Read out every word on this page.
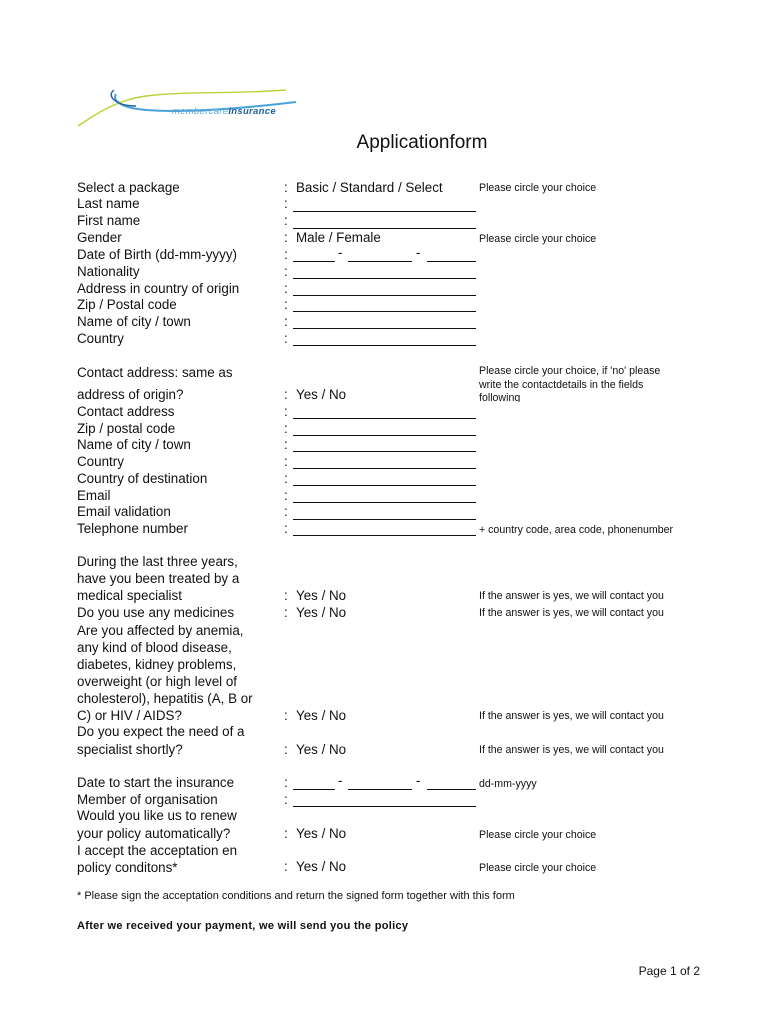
membercareInsurance
Applicationform
Select a package	: Basic / Standard / Select	Please circle your choice
Last name	:
First name	:
Gender	: Male / Female	Please circle your choice
Date of Birth (dd-mm-yyyy)	:	-	-
Nationality	:
Address in country of origin	:
Zip / Postal code	:
Name of city / town	:
Country	:
Contact address: same as	Please circle your choice, if 'no' please
write the contactdetails in the fields
following
address of origin?	: Yes / No
Contact address	:
Zip / postal code	:
Name of city / town	:
Country	:
Country of destination	:
Email	:
Email validation	:
Telephone number	:	+ country code, area code, phonenumber
During the last three years,
have you been treated by a
medical specialist	: Yes / No	If the answer is yes, we will contact you
Do you use any medicines	: Yes / No	If the answer is yes, we will contact you
Are you affected by anemia,
any kind of blood disease,
diabetes, kidney problems,
overweight (or high level of
cholesterol), hepatitis (A, B or
C) or HIV / AIDS?	: Yes / No	If the answer is yes, we will contact you
Do you expect the need of a
specialist shortly?	: Yes / No	If the answer is yes, we will contact you
Date to start the insurance	:	-	-	dd-mm-yyyy
Member of organisation	:
Would you like us to renew
your policy automatically?	: Yes / No	Please circle your choice
I accept the acceptation en
policy conditons*	: Yes / No	Please circle your choice
* Please sign the acceptation conditions and return the signed form together with this form
After we received your payment, we will send you the policy
Page 1 of 2
